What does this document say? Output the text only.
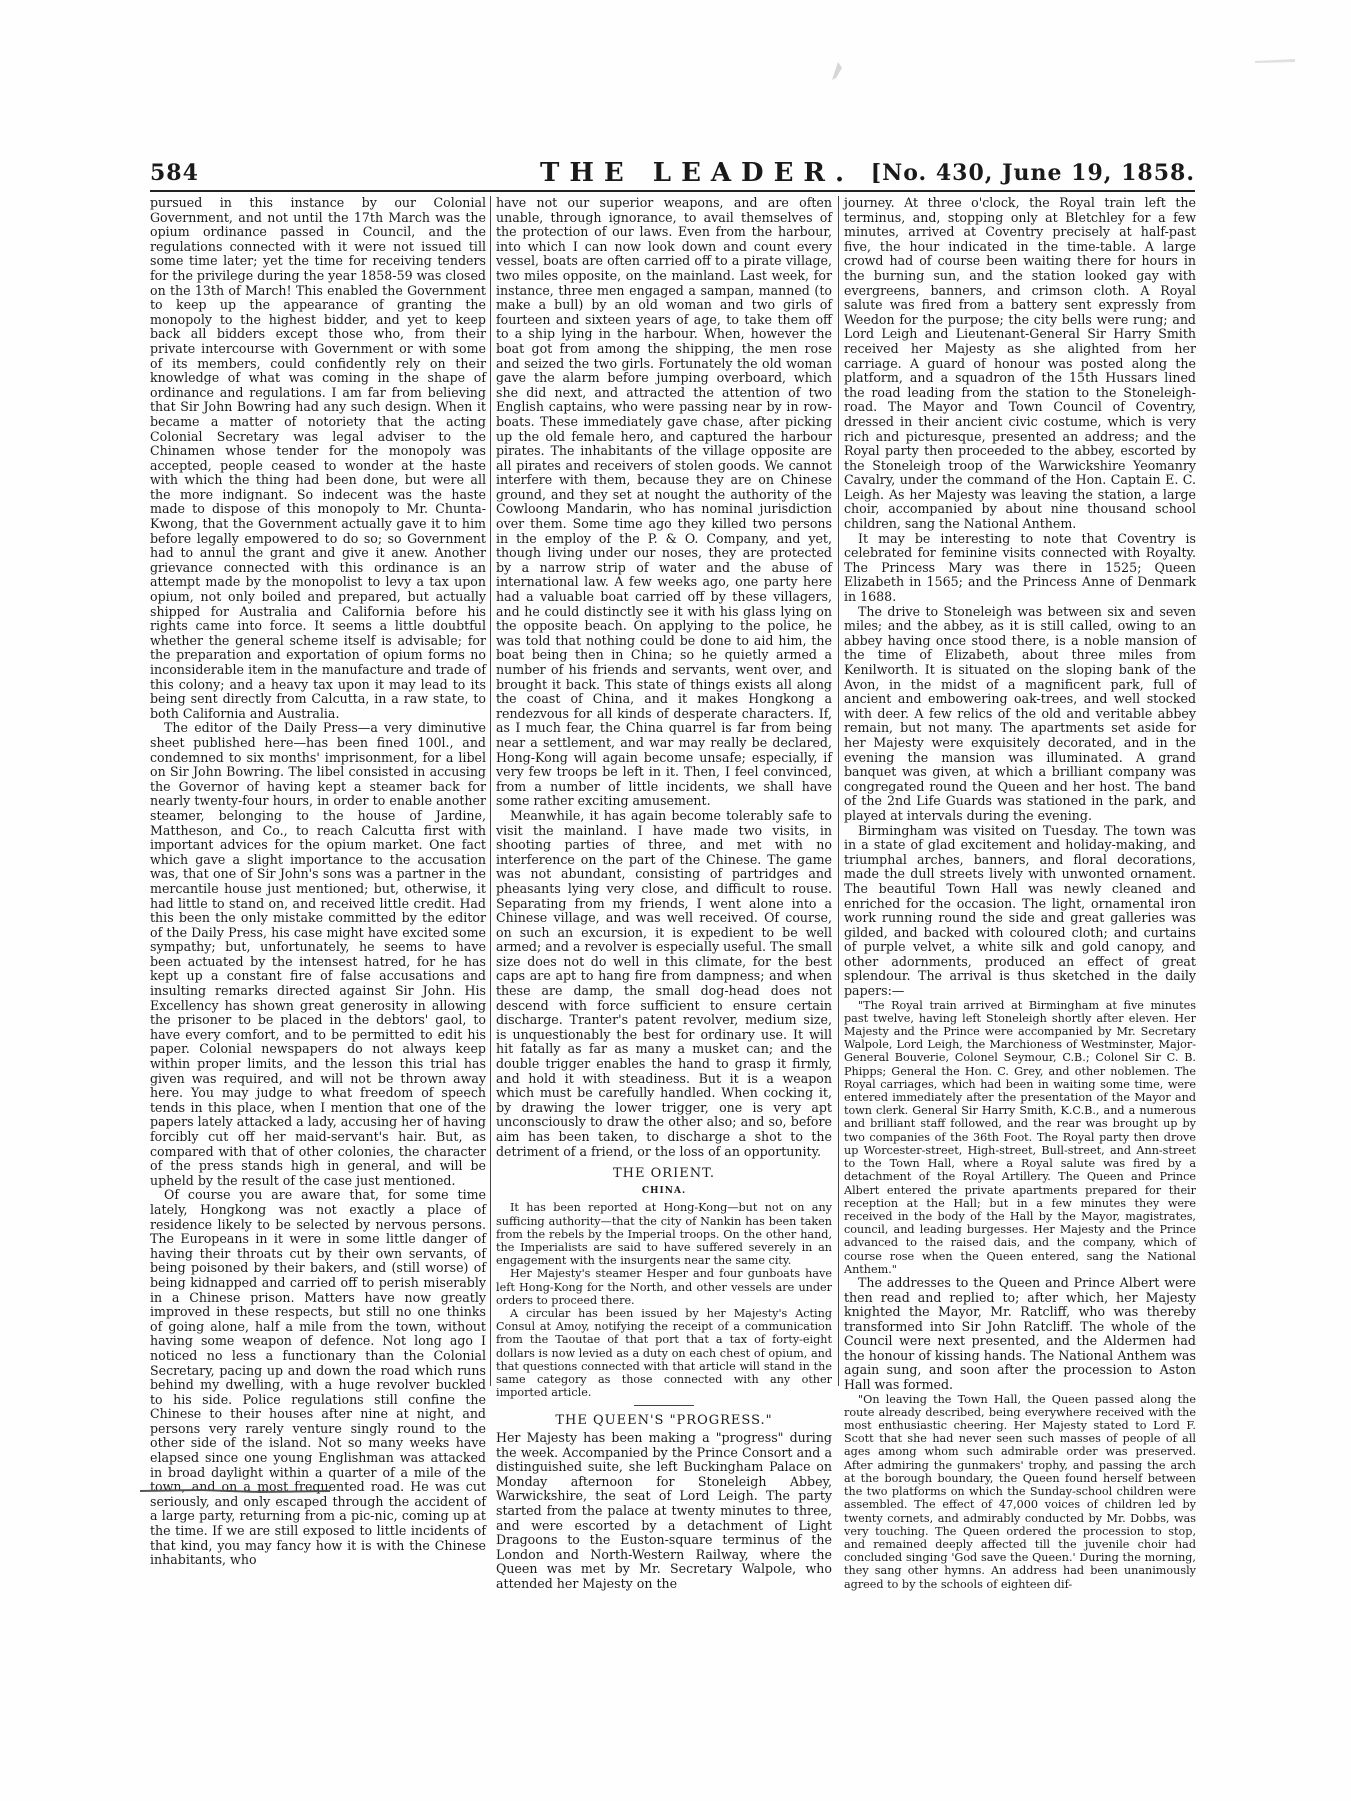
584	THE LEADER. [No. 430, June 19, 1858.

pursued in this instance by our Colonial Government, and not until the 17th March was the opium ordinance passed in Council, and the regulations connected with it were not issued till some time later; yet the time for receiving tenders for the privilege during the year 1858-59 was closed on the 13th of March! This enabled the Government to keep up the appearance of granting the monopoly to the highest bidder, and yet to keep back all bidders except those who, from their private intercourse with Government or with some of its members, could confidently rely on their knowledge of what was coming in the shape of ordinance and regulations. I am far from believing that Sir John Bowring had any such design. When it became a matter of notoriety that the acting Colonial Secretary was legal adviser to the Chinamen whose tender for the monopoly was accepted, people ceased to wonder at the haste with which the thing had been done, but were all the more indignant. So indecent was the haste made to dispose of this monopoly to Mr. Chunta-Kwong, that the Government actually gave it to him before legally empowered to do so; so Government had to annul the grant and give it anew. Another grievance connected with this ordinance is an attempt made by the monopolist to levy a tax upon opium, not only boiled and prepared, but actually shipped for Australia and California before his rights came into force. It seems a little doubtful whether the general scheme itself is advisable; for the preparation and exportation of opium forms no inconsiderable item in the manufacture and trade of this colony; and a heavy tax upon it may lead to its being sent directly from Calcutta, in a raw state, to both California and Australia.

The editor of the Daily Press—a very diminutive sheet published here—has been fined 100l., and condemned to six months' imprisonment, for a libel on Sir John Bowring. The libel consisted in accusing the Governor of having kept a steamer back for nearly twenty-four hours, in order to enable another steamer, belonging to the house of Jardine, Mattheson, and Co., to reach Calcutta first with important advices for the opium market. One fact which gave a slight importance to the accusation was, that one of Sir John's sons was a partner in the mercantile house just mentioned; but, otherwise, it had little to stand on, and received little credit. Had this been the only mistake committed by the editor of the Daily Press, his case might have excited some sympathy; but, unfortunately, he seems to have been actuated by the intensest hatred, for he has kept up a constant fire of false accusations and insulting remarks directed against Sir John. His Excellency has shown great generosity in allowing the prisoner to be placed in the debtors' gaol, to have every comfort, and to be permitted to edit his paper. Colonial newspapers do not always keep within proper limits, and the lesson this trial has given was required, and will not be thrown away here. You may judge to what freedom of speech tends in this place, when I mention that one of the papers lately attacked a lady, accusing her of having forcibly cut off her maid-servant's hair. But, as compared with that of other colonies, the character of the press stands high in general, and will be upheld by the result of the case just mentioned.

Of course you are aware that, for some time lately, Hongkong was not exactly a place of residence likely to be selected by nervous persons. The Europeans in it were in some little danger of having their throats cut by their own servants, of being poisoned by their bakers, and (still worse) of being kidnapped and carried off to perish miserably in a Chinese prison. Matters have now greatly improved in these respects, but still no one thinks of going alone, half a mile from the town, without having some weapon of defence. Not long ago I noticed no less a functionary than the Colonial Secretary, pacing up and down the road which runs behind my dwelling, with a huge revolver buckled to his side. Police regulations still confine the Chinese to their houses after nine at night, and persons very rarely venture singly round to the other side of the island. Not so many weeks have elapsed since one young Englishman was attacked in broad daylight within a quarter of a mile of the town, and on a most frequented road. He was cut seriously, and only escaped through the accident of a large party, returning from a pic-nic, coming up at the time. If we are still exposed to little incidents of that kind, you may fancy how it is with the Chinese inhabitants, who

have not our superior weapons, and are often unable, through ignorance, to avail themselves of the protection of our laws. Even from the harbour, into which I can now look down and count every vessel, boats are often carried off to a pirate village, two miles opposite, on the mainland. Last week, for instance, three men engaged a sampan, manned (to make a bull) by an old woman and two girls of fourteen and sixteen years of age, to take them off to a ship lying in the harbour. When, however the boat got from among the shipping, the men rose and seized the two girls. Fortunately the old woman gave the alarm before jumping overboard, which she did next, and attracted the attention of two English captains, who were passing near by in row-boats. These immediately gave chase, after picking up the old female hero, and captured the harbour pirates. The inhabitants of the village opposite are all pirates and receivers of stolen goods. We cannot interfere with them, because they are on Chinese ground, and they set at nought the authority of the Cowloong Mandarin, who has nominal jurisdiction over them. Some time ago they killed two persons in the employ of the P. & O. Company, and yet, though living under our noses, they are protected by a narrow strip of water and the abuse of international law. A few weeks ago, one party here had a valuable boat carried off by these villagers, and he could distinctly see it with his glass lying on the opposite beach. On applying to the police, he was told that nothing could be done to aid him, the boat being then in China; so he quietly armed a number of his friends and servants, went over, and brought it back. This state of things exists all along the coast of China, and it makes Hongkong a rendezvous for all kinds of desperate characters. If, as I much fear, the China quarrel is far from being near a settlement, and war may really be declared, Hong-Kong will again become unsafe; especially, if very few troops be left in it. Then, I feel convinced, from a number of little incidents, we shall have some rather exciting amusement.

Meanwhile, it has again become tolerably safe to visit the mainland. I have made two visits, in shooting parties of three, and met with no interference on the part of the Chinese. The game was not abundant, consisting of partridges and pheasants lying very close, and difficult to rouse. Separating from my friends, I went alone into a Chinese village, and was well received. Of course, on such an excursion, it is expedient to be well armed; and a revolver is especially useful. The small size does not do well in this climate, for the best caps are apt to hang fire from dampness; and when these are damp, the small dog-head does not descend with force sufficient to ensure certain discharge. Tranter's patent revolver, medium size, is unquestionably the best for ordinary use. It will hit fatally as far as many a musket can; and the double trigger enables the hand to grasp it firmly, and hold it with steadiness. But it is a weapon which must be carefully handled. When cocking it, by drawing the lower trigger, one is very apt unconsciously to draw the other also; and so, before aim has been taken, to discharge a shot to the detriment of a friend, or the loss of an opportunity.

THE ORIENT.
CHINA.

It has been reported at Hong-Kong—but not on any sufficing authority—that the city of Nankin has been taken from the rebels by the Imperial troops. On the other hand, the Imperialists are said to have suffered severely in an engagement with the insurgents near the same city.

Her Majesty's steamer Hesper and four gunboats have left Hong-Kong for the North, and other vessels are under orders to proceed there.

A circular has been issued by her Majesty's Acting Consul at Amoy, notifying the receipt of a communication from the Taoutae of that port that a tax of forty-eight dollars is now levied as a duty on each chest of opium, and that questions connected with that article will stand in the same category as those connected with any other imported article.

THE QUEEN'S "PROGRESS."

Her Majesty has been making a "progress" during the week. Accompanied by the Prince Consort and a distinguished suite, she left Buckingham Palace on Monday afternoon for Stoneleigh Abbey, Warwickshire, the seat of Lord Leigh. The party started from the palace at twenty minutes to three, and were escorted by a detachment of Light Dragoons to the Euston-square terminus of the London and North-Western Railway, where the Queen was met by Mr. Secretary Walpole, who attended her Majesty on the

journey. At three o'clock, the Royal train left the terminus, and, stopping only at Bletchley for a few minutes, arrived at Coventry precisely at half-past five, the hour indicated in the time-table. A large crowd had of course been waiting there for hours in the burning sun, and the station looked gay with evergreens, banners, and crimson cloth. A Royal salute was fired from a battery sent expressly from Weedon for the purpose; the city bells were rung; and Lord Leigh and Lieutenant-General Sir Harry Smith received her Majesty as she alighted from her carriage. A guard of honour was posted along the platform, and a squadron of the 15th Hussars lined the road leading from the station to the Stoneleigh-road. The Mayor and Town Council of Coventry, dressed in their ancient civic costume, which is very rich and picturesque, presented an address; and the Royal party then proceeded to the abbey, escorted by the Stoneleigh troop of the Warwickshire Yeomanry Cavalry, under the command of the Hon. Captain E. C. Leigh. As her Majesty was leaving the station, a large choir, accompanied by about nine thousand school children, sang the National Anthem.

It may be interesting to note that Coventry is celebrated for feminine visits connected with Royalty. The Princess Mary was there in 1525; Queen Elizabeth in 1565; and the Princess Anne of Denmark in 1688.

The drive to Stoneleigh was between six and seven miles; and the abbey, as it is still called, owing to an abbey having once stood there, is a noble mansion of the time of Elizabeth, about three miles from Kenilworth. It is situated on the sloping bank of the Avon, in the midst of a magnificent park, full of ancient and embowering oak-trees, and well stocked with deer. A few relics of the old and veritable abbey remain, but not many. The apartments set aside for her Majesty were exquisitely decorated, and in the evening the mansion was illuminated. A grand banquet was given, at which a brilliant company was congregated round the Queen and her host. The band of the 2nd Life Guards was stationed in the park, and played at intervals during the evening.

Birmingham was visited on Tuesday. The town was in a state of glad excitement and holiday-making, and triumphal arches, banners, and floral decorations, made the dull streets lively with unwonted ornament. The beautiful Town Hall was newly cleaned and enriched for the occasion. The light, ornamental iron work running round the side and great galleries was gilded, and backed with coloured cloth; and curtains of purple velvet, a white silk and gold canopy, and other adornments, produced an effect of great splendour. The arrival is thus sketched in the daily papers:—

"The Royal train arrived at Birmingham at five minutes past twelve, having left Stoneleigh shortly after eleven. Her Majesty and the Prince were accompanied by Mr. Secretary Walpole, Lord Leigh, the Marchioness of Westminster, Major-General Bouverie, Colonel Seymour, C.B.; Colonel Sir C. B. Phipps; General the Hon. C. Grey, and other noblemen. The Royal carriages, which had been in waiting some time, were entered immediately after the presentation of the Mayor and town clerk. General Sir Harry Smith, K.C.B., and a numerous and brilliant staff followed, and the rear was brought up by two companies of the 36th Foot. The Royal party then drove up Worcester-street, High-street, Bull-street, and Ann-street to the Town Hall, where a Royal salute was fired by a detachment of the Royal Artillery. The Queen and Prince Albert entered the private apartments prepared for their reception at the Hall; but in a few minutes they were received in the body of the Hall by the Mayor, magistrates, council, and leading burgesses. Her Majesty and the Prince advanced to the raised dais, and the company, which of course rose when the Queen entered, sang the National Anthem."

The addresses to the Queen and Prince Albert were then read and replied to; after which, her Majesty knighted the Mayor, Mr. Ratcliff, who was thereby transformed into Sir John Ratcliff. The whole of the Council were next presented, and the Aldermen had the honour of kissing hands. The National Anthem was again sung, and soon after the procession to Aston Hall was formed.

"On leaving the Town Hall, the Queen passed along the route already described, being everywhere received with the most enthusiastic cheering. Her Majesty stated to Lord F. Scott that she had never seen such masses of people of all ages among whom such admirable order was preserved. After admiring the gunmakers' trophy, and passing the arch at the borough boundary, the Queen found herself between the two platforms on which the Sunday-school children were assembled. The effect of 47,000 voices of children led by twenty cornets, and admirably conducted by Mr. Dobbs, was very touching. The Queen ordered the procession to stop, and remained deeply affected till the juvenile choir had concluded singing 'God save the Queen.' During the morning, they sang other hymns. An address had been unanimously agreed to by the schools of eighteen dif-
